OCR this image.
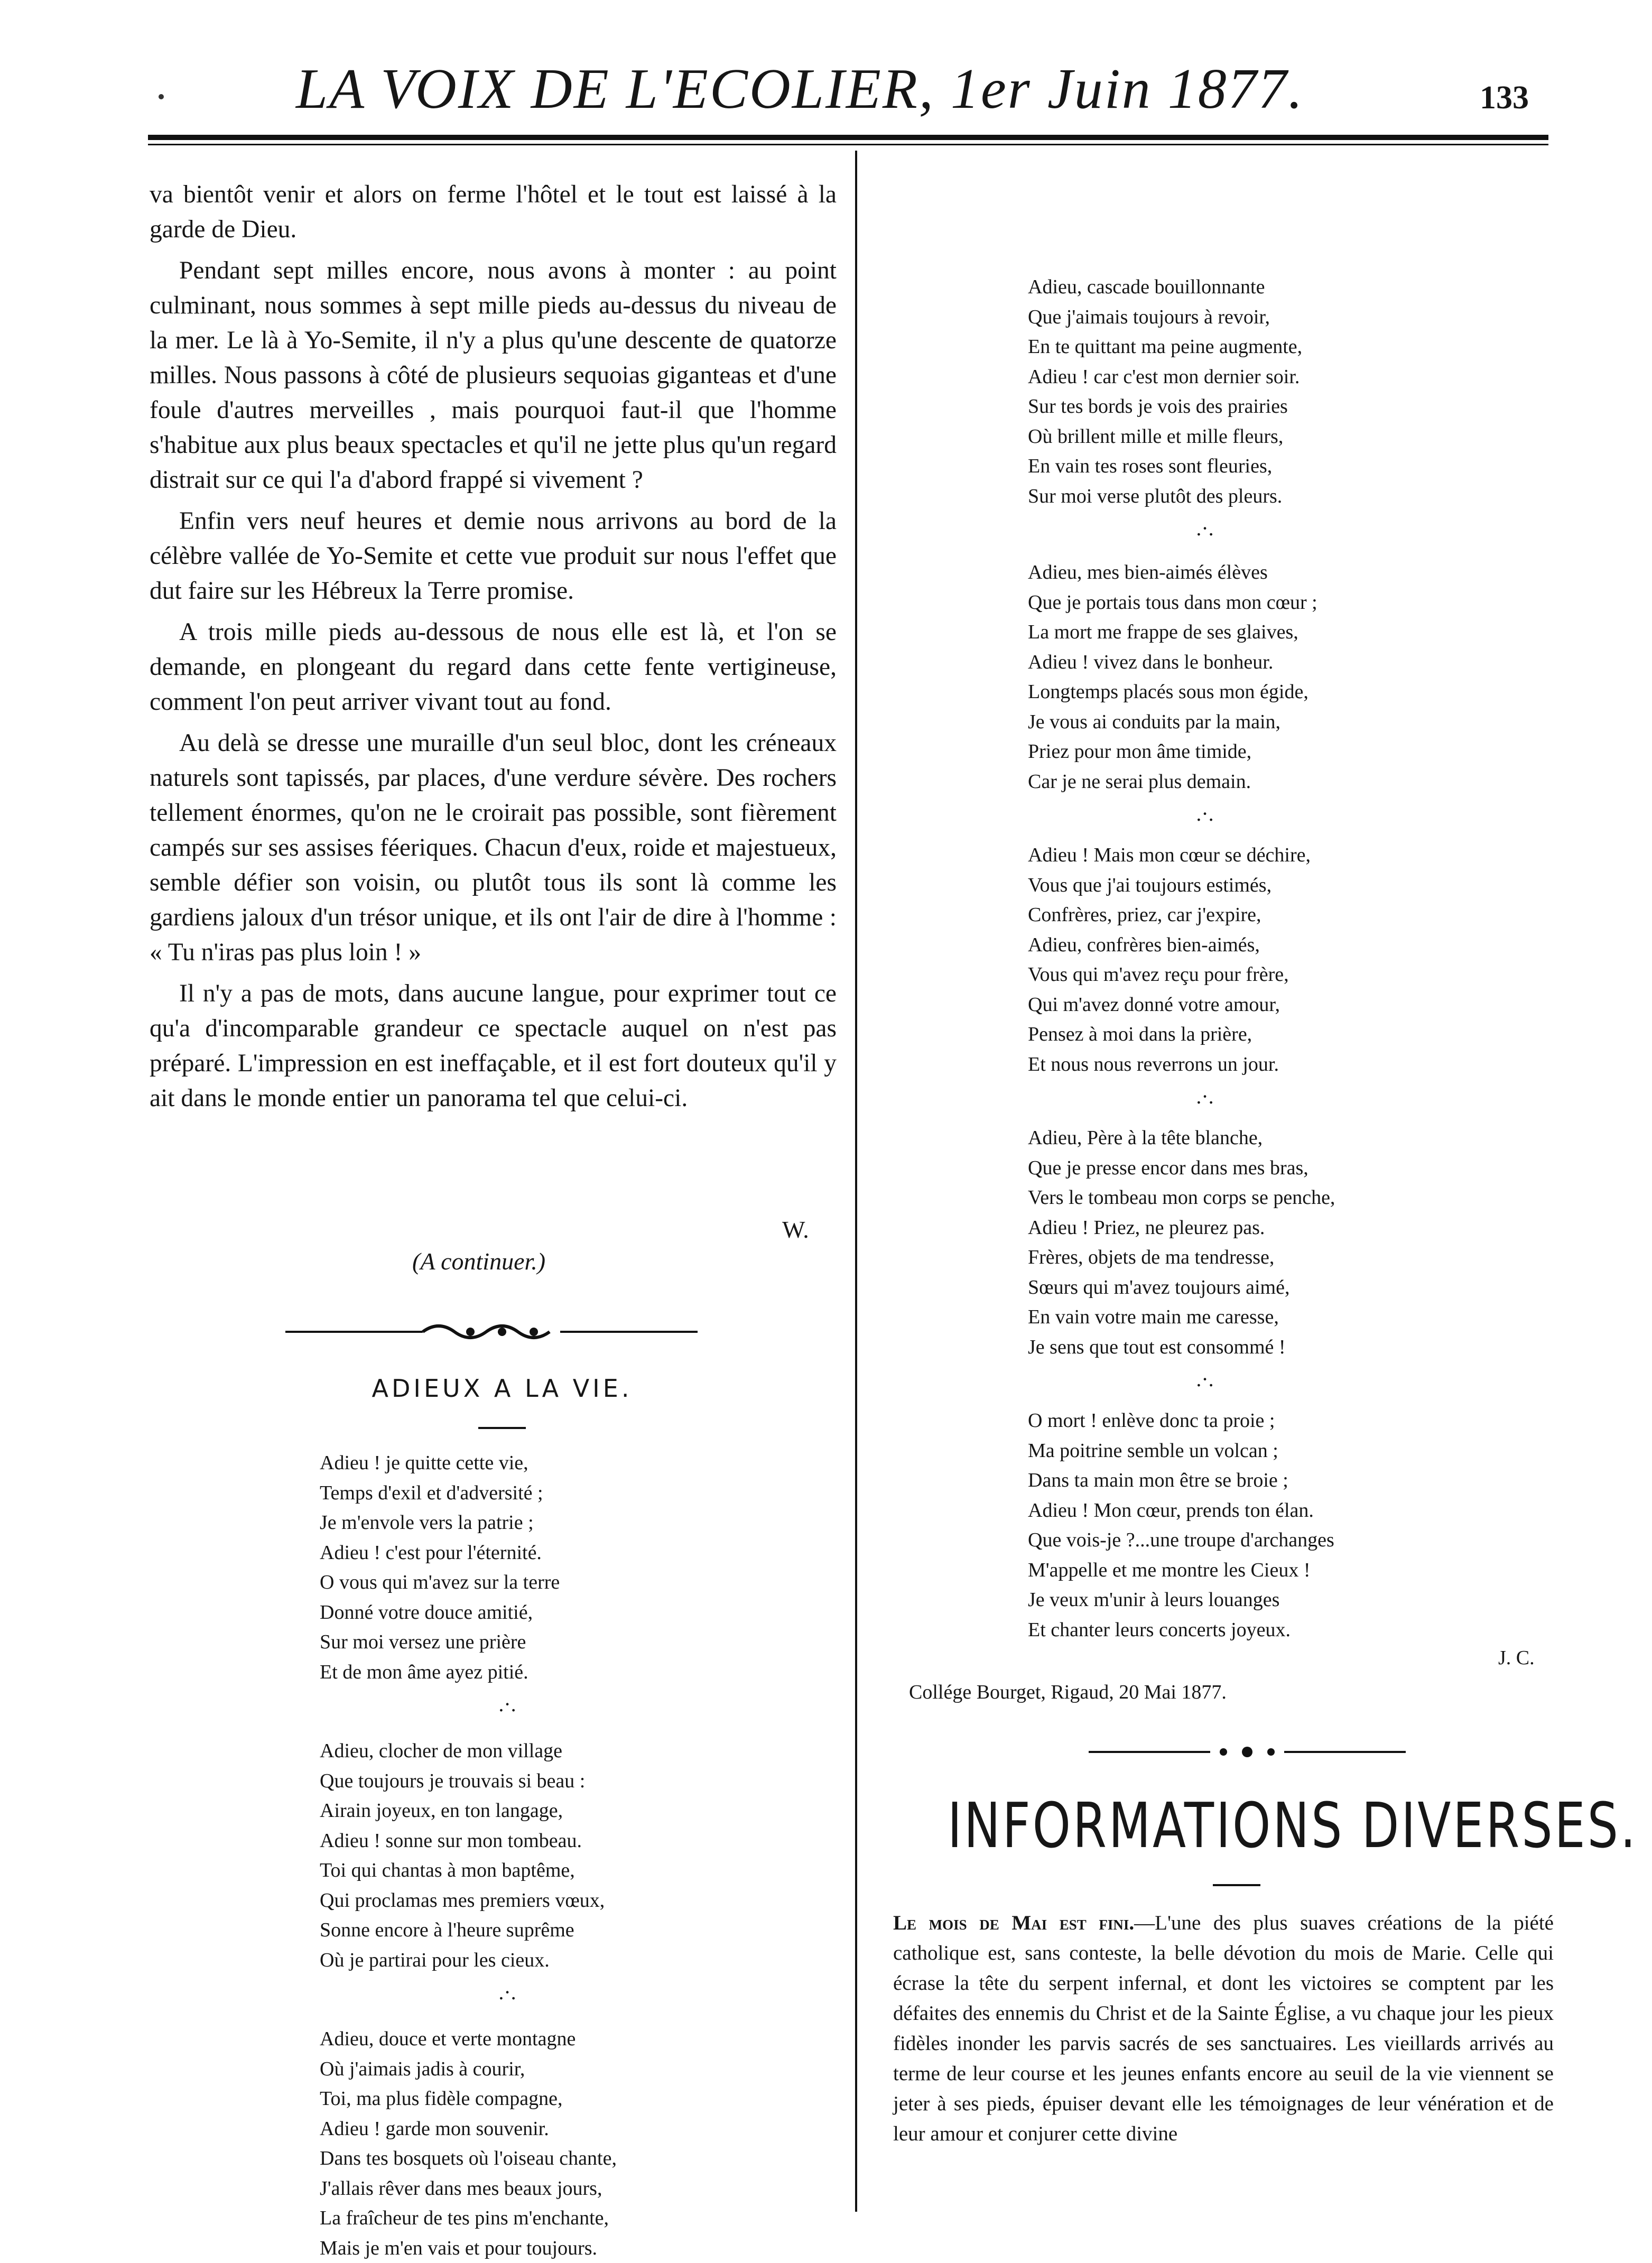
LA VOIX DE L'ECOLIER, 1er Juin 1877.	133

va bientôt venir et alors on ferme l'hôtel et le tout est laissé à la garde de Dieu.

Pendant sept milles encore, nous avons à monter : au point culminant, nous sommes à sept mille pieds au-dessus du niveau de la mer. Le là à Yo-Semite, il n'y a plus qu'une descente de quatorze milles. Nous passons à côté de plusieurs sequoias giganteas et d'une foule d'autres merveilles , mais pourquoi faut-il que l'homme s'habitue aux plus beaux spectacles et qu'il ne jette plus qu'un regard distrait sur ce qui l'a d'abord frappé si vivement ?

Enfin vers neuf heures et demie nous arrivons au bord de la célèbre vallée de Yo-Semite et cette vue produit sur nous l'effet que dut faire sur les Hébreux la Terre promise.

A trois mille pieds au-dessous de nous elle est là, et l'on se demande, en plongeant du regard dans cette fente vertigineuse, comment l'on peut arriver vivant tout au fond.

Au delà se dresse une muraille d'un seul bloc, dont les créneaux naturels sont tapissés, par places, d'une verdure sévère. Des rochers tellement énormes, qu'on ne le croirait pas possible, sont fièrement campés sur ses assises féeriques. Chacun d'eux, roide et majestueux, semble défier son voisin, ou plutôt tous ils sont là comme les gardiens jaloux d'un trésor unique, et ils ont l'air de dire à l'homme : « Tu n'iras pas plus loin ! »

Il n'y a pas de mots, dans aucune langue, pour exprimer tout ce qu'a d'incomparable grandeur ce spectacle auquel on n'est pas préparé. L'impression en est ineffaçable, et il est fort douteux qu'il y ait dans le monde entier un panorama tel que celui-ci.

W.
(A continuer.)
ADIEUX A LA VIE.
Adieu ! je quitte cette vie,
Temps d'exil et d'adversité ;
Je m'envole vers la patrie ;
Adieu ! c'est pour l'éternité.
O vous qui m'avez sur la terre
Donné votre douce amitié,
Sur moi versez une prière
Et de mon âme ayez pitié.
.·.
Adieu, clocher de mon village
Que toujours je trouvais si beau :
Airain joyeux, en ton langage,
Adieu ! sonne sur mon tombeau.
Toi qui chantas à mon baptême,
Qui proclamas mes premiers vœux,
Sonne encore à l'heure suprême
Où je partirai pour les cieux.
.·.
Adieu, douce et verte montagne
Où j'aimais jadis à courir,
Toi, ma plus fidèle compagne,
Adieu ! garde mon souvenir.
Dans tes bosquets où l'oiseau chante,
J'allais rêver dans mes beaux jours,
La fraîcheur de tes pins m'enchante,
Mais je m'en vais et pour toujours.
Adieu, cascade bouillonnante
Que j'aimais toujours à revoir,
En te quittant ma peine augmente,
Adieu ! car c'est mon dernier soir.
Sur tes bords je vois des prairies
Où brillent mille et mille fleurs,
En vain tes roses sont fleuries,
Sur moi verse plutôt des pleurs.
.·.
Adieu, mes bien-aimés élèves
Que je portais tous dans mon cœur ;
La mort me frappe de ses glaives,
Adieu ! vivez dans le bonheur.
Longtemps placés sous mon égide,
Je vous ai conduits par la main,
Priez pour mon âme timide,
Car je ne serai plus demain.
.·.
Adieu ! Mais mon cœur se déchire,
Vous que j'ai toujours estimés,
Confrères, priez, car j'expire,
Adieu, confrères bien-aimés,
Vous qui m'avez reçu pour frère,
Qui m'avez donné votre amour,
Pensez à moi dans la prière,
Et nous nous reverrons un jour.
.·.
Adieu, Père à la tête blanche,
Que je presse encor dans mes bras,
Vers le tombeau mon corps se penche,
Adieu ! Priez, ne pleurez pas.
Frères, objets de ma tendresse,
Sœurs qui m'avez toujours aimé,
En vain votre main me caresse,
Je sens que tout est consommé !
.·.
O mort ! enlève donc ta proie ;
Ma poitrine semble un volcan ;
Dans ta main mon être se broie ;
Adieu ! Mon cœur, prends ton élan.
Que vois-je ?...une troupe d'archanges
M'appelle et me montre les Cieux !
Je veux m'unir à leurs louanges
Et chanter leurs concerts joyeux.
J. C.
Collége Bourget, Rigaud, 20 Mai 1877.
INFORMATIONS DIVERSES.
Le mois de Mai est fini.—L'une des plus suaves créations de la piété catholique est, sans conteste, la belle dévotion du mois de Marie. Celle qui écrase la tête du serpent infernal, et dont les victoires se comptent par les défaites des ennemis du Christ et de la Sainte Église, a vu chaque jour les pieux fidèles inonder les parvis sacrés de ses sanctuaires. Les vieillards arrivés au terme de leur course et les jeunes enfants encore au seuil de la vie viennent se jeter à ses pieds, épuiser devant elle les témoignages de leur vénération et de leur amour et conjurer cette divine
